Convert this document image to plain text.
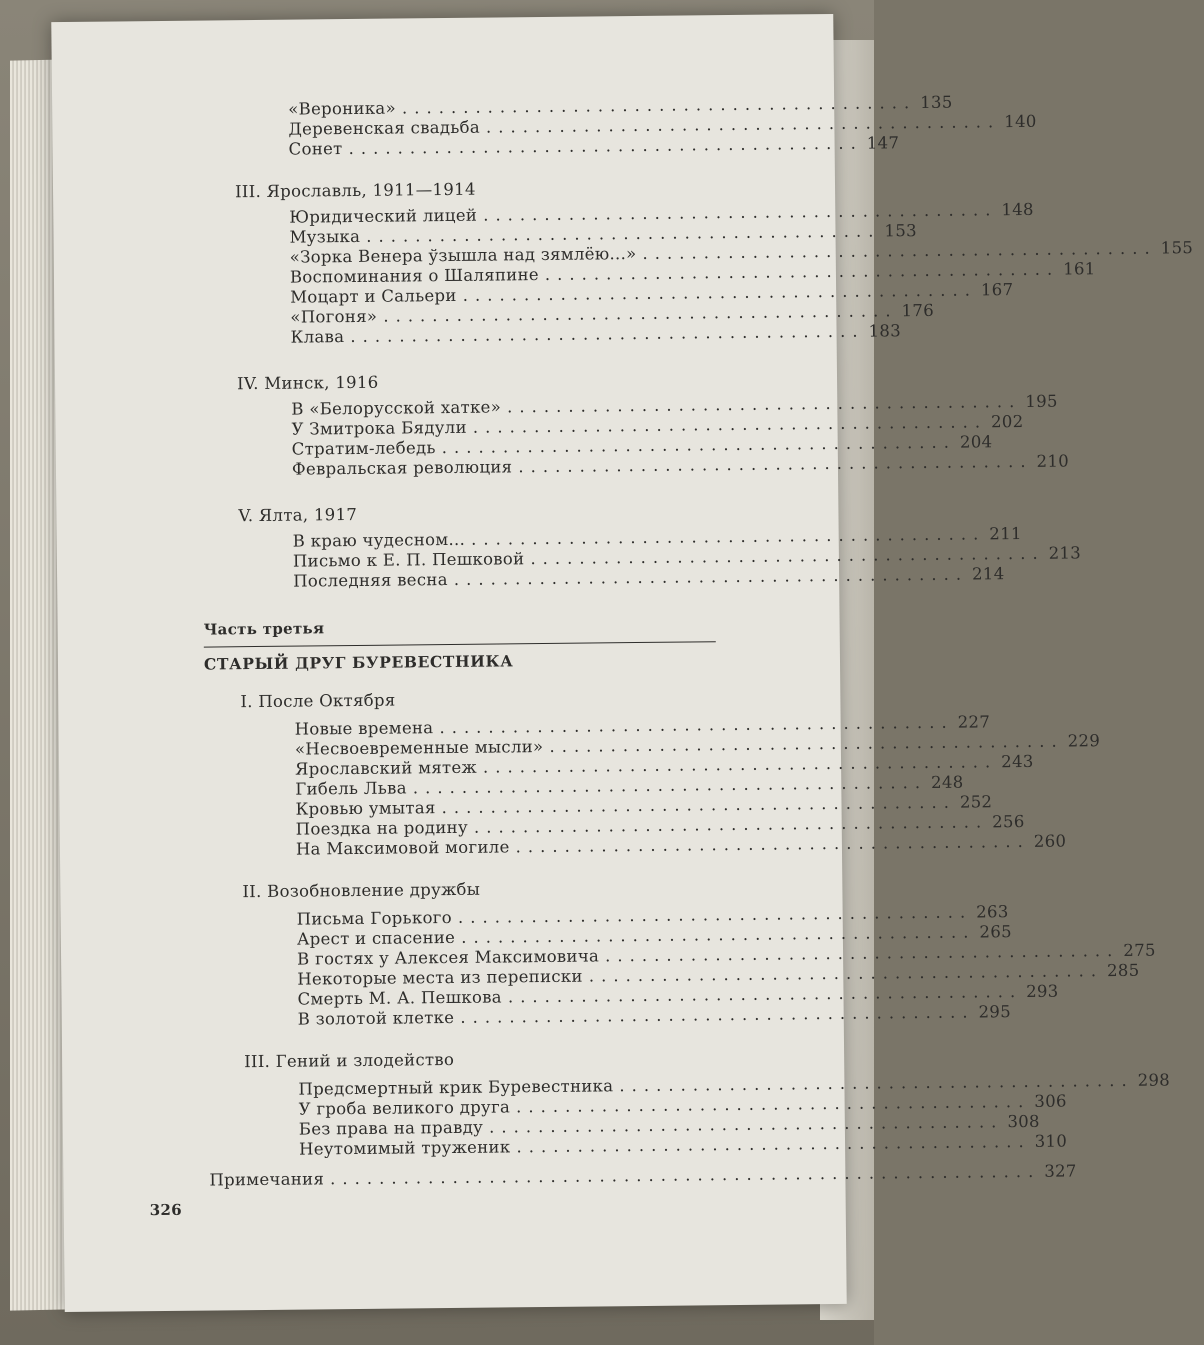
«Вероника» .......................................... 135
Деревенская свадьба .......................................... 140
Сонет .......................................... 147
III. Ярославль, 1911—1914
Юридический лицей .......................................... 148
Музыка .......................................... 153
«Зорка Венера ўзышла над зямлёю...» .......................................... 155
Воспоминания о Шаляпине .......................................... 161
Моцарт и Сальери .......................................... 167
«Погоня» .......................................... 176
Клава .......................................... 183
IV. Минск, 1916
В «Белорусской хатке» .......................................... 195
У Змитрока Бядули .......................................... 202
Стратим-лебедь .......................................... 204
Февральская революция .......................................... 210
V. Ялта, 1917
В краю чудесном... .......................................... 211
Письмо к Е. П. Пешковой .......................................... 213
Последняя весна .......................................... 214
Часть третья
СТАРЫЙ ДРУГ БУРЕВЕСТНИКА
I. После Октября
Новые времена .......................................... 227
«Несвоевременные мысли» .......................................... 229
Ярославский мятеж .......................................... 243
Гибель Льва .......................................... 248
Кровью умытая .......................................... 252
Поездка на родину .......................................... 256
На Максимовой могиле .......................................... 260
II. Возобновление дружбы
Письма Горького .......................................... 263
Арест и спасение .......................................... 265
В гостях у Алексея Максимовича .......................................... 275
Некоторые места из переписки .......................................... 285
Смерть М. А. Пешкова .......................................... 293
В золотой клетке .......................................... 295
III. Гений и злодейство
Предсмертный крик Буревестника .......................................... 298
У гроба великого друга .......................................... 306
Без права на правду .......................................... 308
Неутомимый труженик .......................................... 310
Примечания .......................................................... 327
326
